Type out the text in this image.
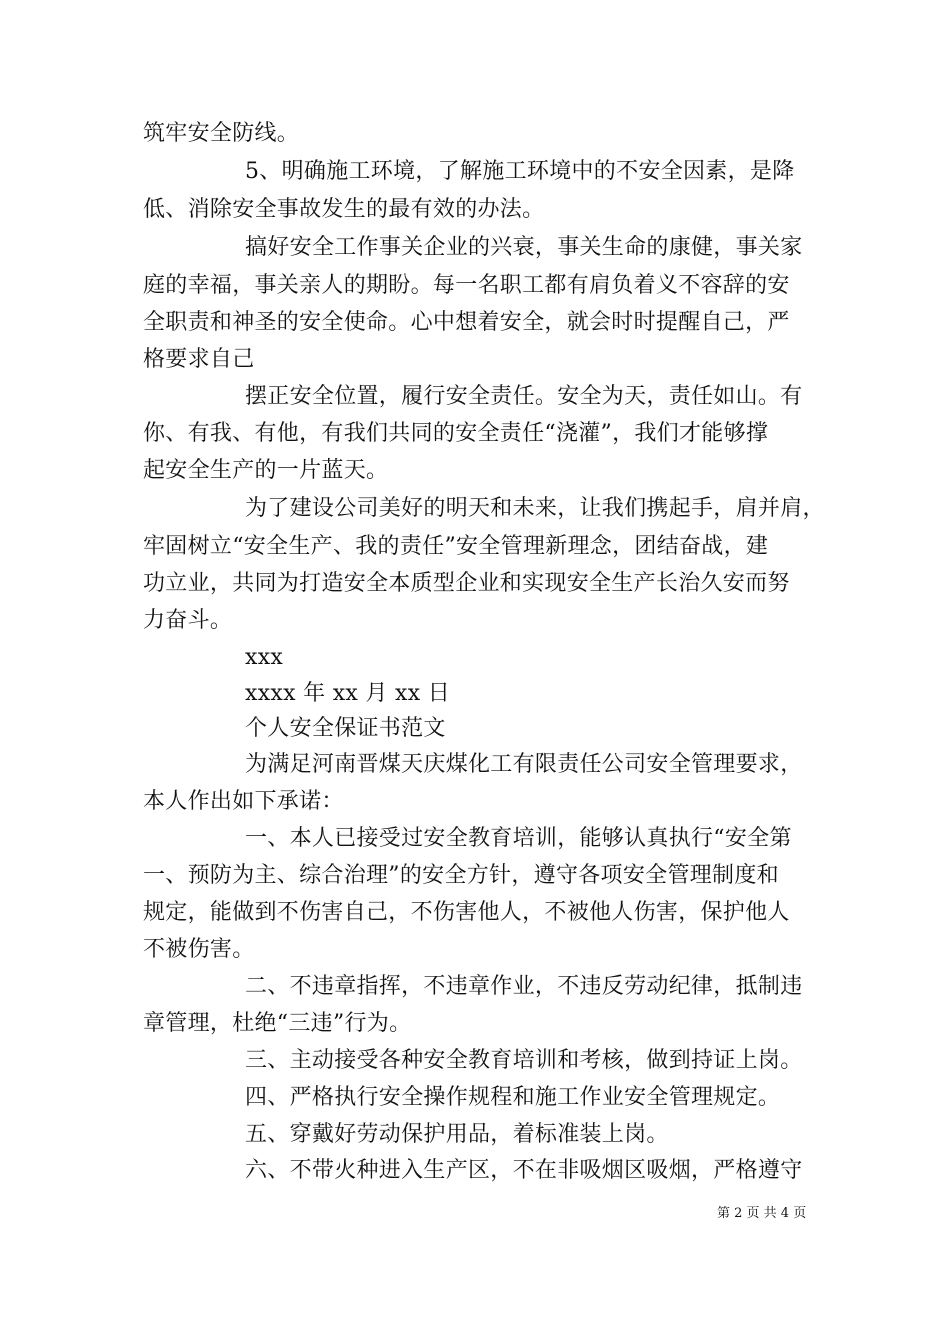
筑牢安全防线。

5、明确施工环境，了解施工环境中的不安全因素，是降

低、消除安全事故发生的最有效的办法。

搞好安全工作事关企业的兴衰，事关生命的康健，事关家

庭的幸福，事关亲人的期盼。每一名职工都有肩负着义不容辞的安

全职责和神圣的安全使命。心中想着安全，就会时时提醒自己，严

格要求自己

摆正安全位置，履行安全责任。安全为天，责任如山。有

你、有我、有他，有我们共同的安全责任“浇灌”，我们才能够撑

起安全生产的一片蓝天。

为了建设公司美好的明天和未来，让我们携起手，肩并肩，

牢固树立“安全生产、我的责任”安全管理新理念，团结奋战，建

功立业，共同为打造安全本质型企业和实现安全生产长治久安而努

力奋斗。

xxx

xxxx 年 xx 月 xx 日

个人安全保证书范文

为满足河南晋煤天庆煤化工有限责任公司安全管理要求，

本人作出如下承诺：

一、本人已接受过安全教育培训，能够认真执行“安全第

一、预防为主、综合治理”的安全方针，遵守各项安全管理制度和

规定，能做到不伤害自己，不伤害他人，不被他人伤害，保护他人

不被伤害。

二、不违章指挥，不违章作业，不违反劳动纪律，抵制违

章管理，杜绝“三违”行为。

三、主动接受各种安全教育培训和考核，做到持证上岗。

四、严格执行安全操作规程和施工作业安全管理规定。

五、穿戴好劳动保护用品，着标准装上岗。

六、不带火种进入生产区，不在非吸烟区吸烟，严格遵守

第 2 页 共 4 页
